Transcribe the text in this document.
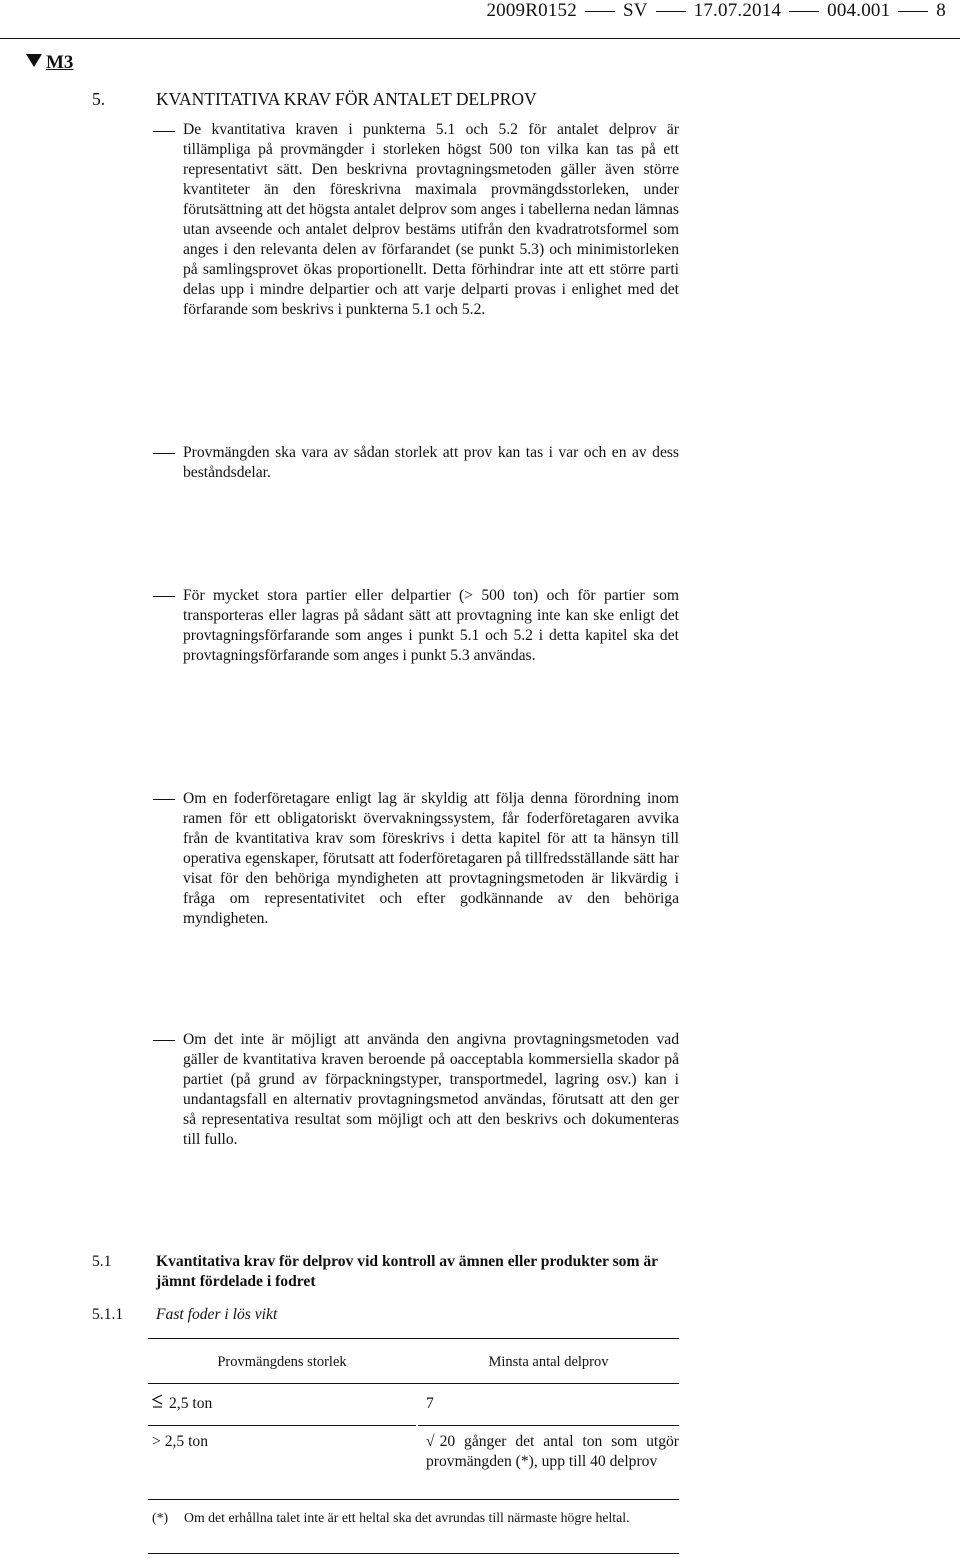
2009R0152 SV 17.07.2014 004.001 8
M3
5.	KVANTITATIVA KRAV FÖR ANTALET DELPROV

De kvantitativa kraven i punkterna 5.1 och 5.2 för antalet delprov är tillämpliga på provmängder i storleken högst 500 ton vilka kan tas på ett representativt sätt. Den beskrivna provtagningsmetoden gäller även större kvantiteter än den föreskrivna maximala provmängdsstorleken, under förutsättning att det högsta antalet delprov som anges i tabellerna nedan lämnas utan avseende och antalet delprov bestäms utifrån den kvadratrotsformel som anges i den relevanta delen av förfarandet (se punkt 5.3) och minimistorleken på samlingsprovet ökas proportionellt. Detta förhindrar inte att ett större parti delas upp i mindre delpartier och att varje delparti provas i enlighet med det förfarande som beskrivs i punkterna 5.1 och 5.2.

Provmängden ska vara av sådan storlek att prov kan tas i var och en av dess beståndsdelar.

För mycket stora partier eller delpartier (> 500 ton) och för partier som transporteras eller lagras på sådant sätt att provtagning inte kan ske enligt det provtagningsförfarande som anges i punkt 5.1 och 5.2 i detta kapitel ska det provtagningsförfarande som anges i punkt 5.3 användas.

Om en foderföretagare enligt lag är skyldig att följa denna förordning inom ramen för ett obligatoriskt övervakningssystem, får foderföretagaren avvika från de kvantitativa krav som föreskrivs i detta kapitel för att ta hänsyn till operativa egenskaper, förutsatt att foderföretagaren på tillfredsställande sätt har visat för den behöriga myndigheten att provtagningsmetoden är likvärdig i fråga om representativitet och efter godkännande av den behöriga myndigheten.

Om det inte är möjligt att använda den angivna provtagningsmetoden vad gäller de kvantitativa kraven beroende på oacceptabla kommersiella skador på partiet (på grund av förpackningstyper, transportmedel, lagring osv.) kan i undantagsfall en alternativ provtagningsmetod användas, förutsatt att den ger så representativa resultat som möjligt och att den beskrivs och dokumenteras till fullo.

5.1	Kvantitativa krav för delprov vid kontroll av ämnen eller produkter som är jämnt fördelade i fodret
5.1.1	Fast foder i lös vikt
Provmängdens storlek	Minsta antal delprov
2,5 ton	7
> 2,5 ton	√ 20 gånger det antal ton som utgör provmängden (*), upp till 40 delprov
(*)	Om det erhållna talet inte är ett heltal ska det avrundas till närmaste högre heltal.
